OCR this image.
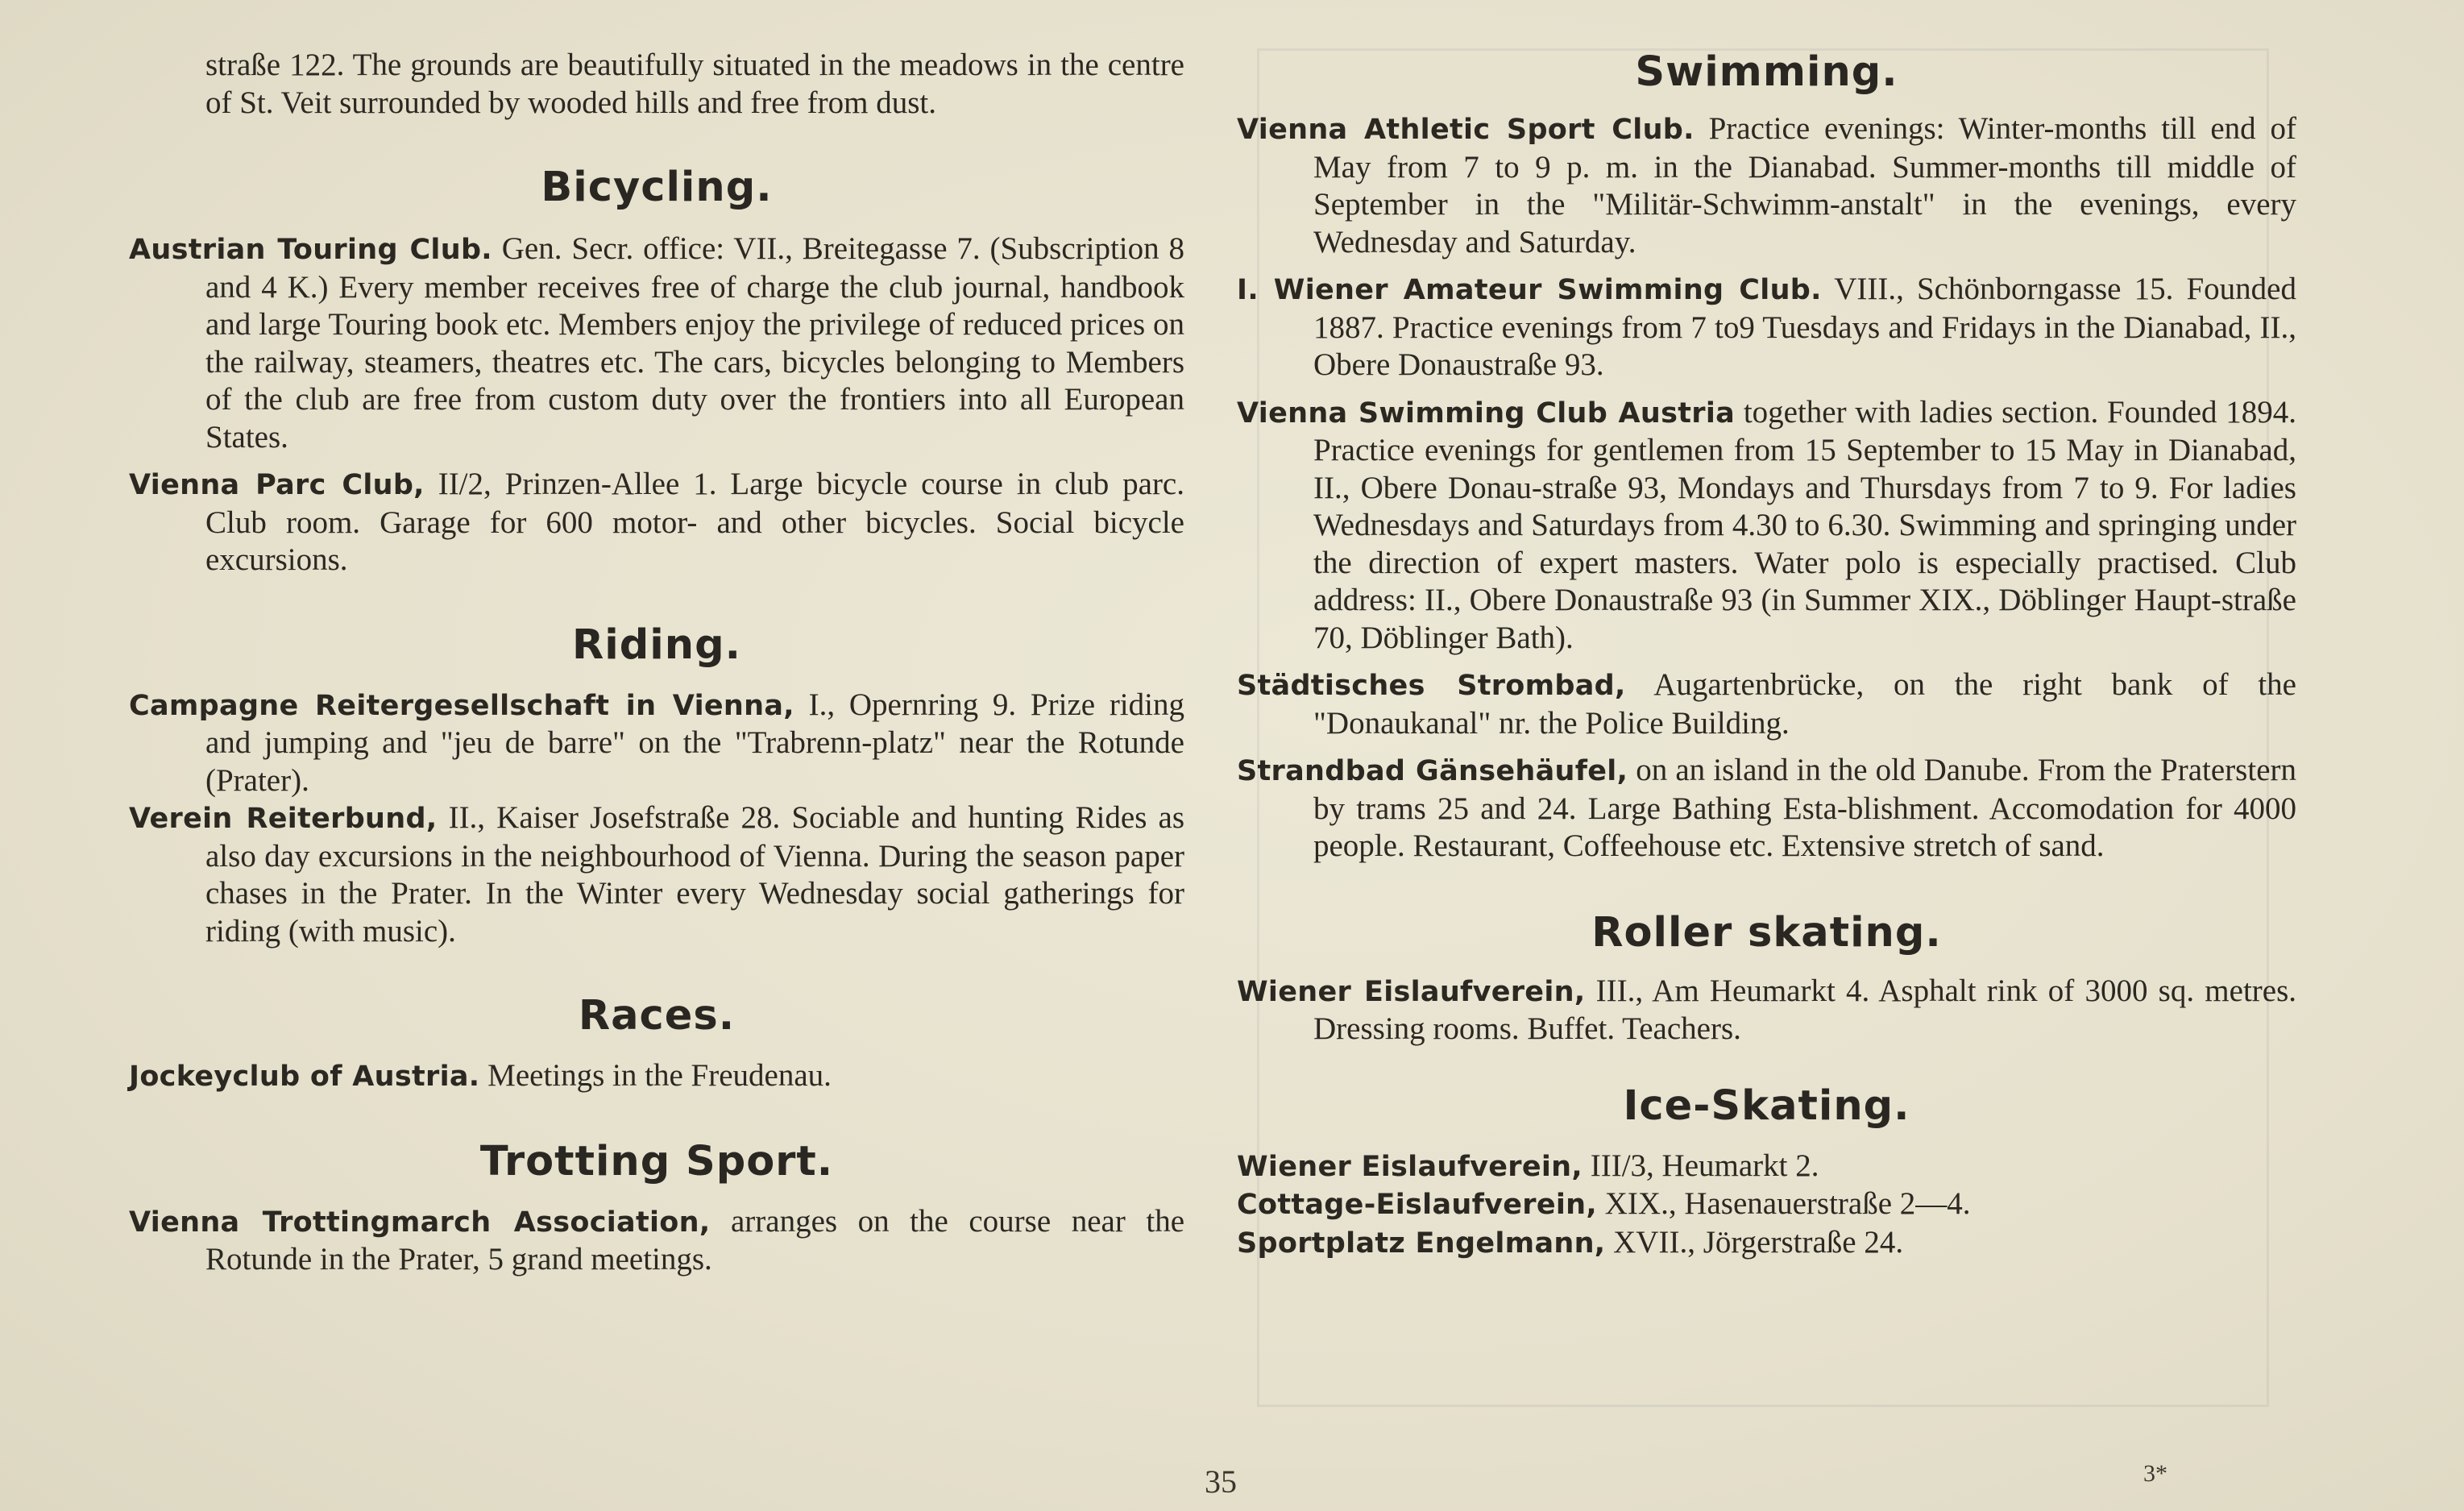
straße 122. The grounds are beautifully situated in the meadows in the centre of St. Veit surrounded by wooded hills and free from dust.

Bicycling.

Austrian Touring Club. Gen. Secr. office: VII., Breitegasse 7. (Subscription 8 and 4 K.) Every member receives free of charge the club journal, handbook and large Touring book etc. Members enjoy the privilege of reduced prices on the railway, steamers, theatres etc. The cars, bicycles belonging to Members of the club are free from custom duty over the frontiers into all European States.

Vienna Parc Club, II/2, Prinzen-Allee 1. Large bicycle course in club parc. Club room. Garage for 600 motor- and other bicycles. Social bicycle excursions.

Riding.

Campagne Reitergesellschaft in Vienna, I., Opernring 9. Prize riding and jumping and "jeu de barre" on the "Trabrenn-platz" near the Rotunde (Prater).

Verein Reiterbund, II., Kaiser Josefstraße 28. Sociable and hunting Rides as also day excursions in the neighbourhood of Vienna. During the season paper chases in the Prater. In the Winter every Wednesday social gatherings for riding (with music).

Races.

Jockeyclub of Austria. Meetings in the Freudenau.

Trotting Sport.

Vienna Trottingmarch Association, arranges on the course near the Rotunde in the Prater, 5 grand meetings.

Swimming.

Vienna Athletic Sport Club. Practice evenings: Winter-months till end of May from 7 to 9 p. m. in the Dianabad. Summer-months till middle of September in the "Militär-Schwimm-anstalt" in the evenings, every Wednesday and Saturday.

I. Wiener Amateur Swimming Club. VIII., Schönborngasse 15. Founded 1887. Practice evenings from 7 to9 Tuesdays and Fridays in the Dianabad, II., Obere Donaustraße 93.

Vienna Swimming Club Austria together with ladies section. Founded 1894. Practice evenings for gentlemen from 15 September to 15 May in Dianabad, II., Obere Donau-straße 93, Mondays and Thursdays from 7 to 9. For ladies Wednesdays and Saturdays from 4.30 to 6.30. Swimming and springing under the direction of expert masters. Water polo is especially practised. Club address: II., Obere Donaustraße 93 (in Summer XIX., Döblinger Haupt-straße 70, Döblinger Bath).

Städtisches Strombad, Augartenbrücke, on the right bank of the "Donaukanal" nr. the Police Building.

Strandbad Gänsehäufel, on an island in the old Danube. From the Praterstern by trams 25 and 24. Large Bathing Esta-blishment. Accomodation for 4000 people. Restaurant, Coffeehouse etc. Extensive stretch of sand.

Roller skating.

Wiener Eislaufverein, III., Am Heumarkt 4. Asphalt rink of 3000 sq. metres. Dressing rooms. Buffet. Teachers.

Ice-Skating.

Wiener Eislaufverein, III/3, Heumarkt 2.

Cottage-Eislaufverein, XIX., Hasenauerstraße 2—4.

Sportplatz Engelmann, XVII., Jörgerstraße 24.

35	3*
